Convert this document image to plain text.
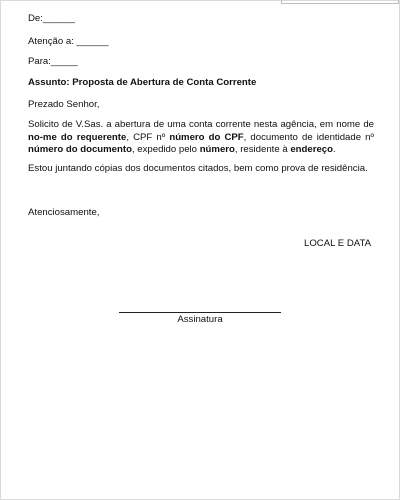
De:______
Atenção a: ______
Para:_____
Assunto: Proposta de Abertura de Conta Corrente
Prezado Senhor,
Solicito de V.Sas. a abertura de uma conta corrente nesta agência, em nome de no-me do requerente, CPF nº número do CPF, documento de identidade nº número do documento, expedido pelo número, residente à endereço.
Estou juntando cópias dos documentos citados, bem como prova de residência.
Atenciosamente,
LOCAL E DATA
Assinatura
